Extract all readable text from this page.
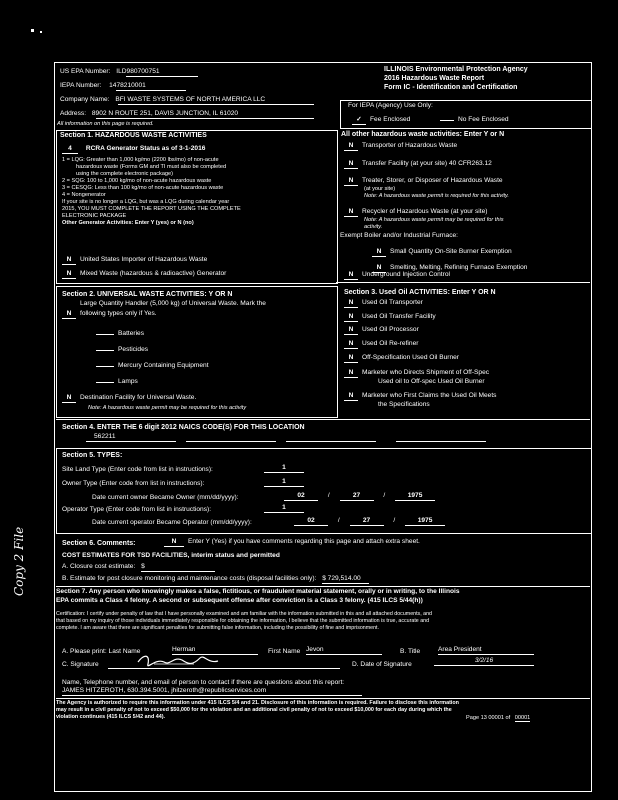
US EPA Number: ILD980700751
IEPA Number: 1478210001
Company Name: BFI WASTE SYSTEMS OF NORTH AMERICA LLC
Address: 8902 N ROUTE 251, DAVIS JUNCTION, IL 61020
All information on this page is required.
ILLINOIS Environmental Protection Agency
2016 Hazardous Waste Report
Form IC - Identification and Certification
For IEPA (Agency) Use Only:
✓ Fee Enclosed	No Fee Enclosed
Section 1. HAZARDOUS WASTE ACTIVITIES
4 RCRA Generator Status as of 3-1-2016
1 = LQG: Greater than 1,000 kg/mo (2200 lbs/mo) of non-acute
hazardous waste (Forms GM and TI must also be completed
using the complete electronic package)
2 = SQG: 100 to 1,000 kg/mo of non-acute hazardous waste
3 = CESQG: Less than 100 kg/mo of non-acute hazardous waste
4 = Nongenerator
If your site is no longer a LQG, but was a LQG during calendar year
2015, YOU MUST COMPLETE THE REPORT USING THE COMPLETE
ELECTRONIC PACKAGE
Other Generator Activities: Enter Y (yes) or N (no)
N United States Importer of Hazardous Waste
N Mixed Waste (hazardous & radioactive) Generator
All other hazardous waste activities: Enter Y or N
N Transporter of Hazardous Waste
N Transfer Facility (at your site) 40 CFR263.12
N Treater, Storer, or Disposer of Hazardous Waste
(at your site)
Note: A hazardous waste permit is required for this activity.
N Recycler of Hazardous Waste (at your site)
Note: A hazardous waste permit may be required for this
activity.
Exempt Boiler and/or Industrial Furnace:
N Small Quantity On-Site Burner Exemption
N Smelting, Melting, Refining Furnace Exemption
N Underground Injection Control
Section 2. UNIVERSAL WASTE ACTIVITIES: Y OR N
Large Quantity Handler (5,000 kg) of Universal Waste. Mark the
N following types only if Yes.
Batteries
Pesticides
Mercury Containing Equipment
Lamps
N Destination Facility for Universal Waste.
Note: A hazardous waste permit may be required for this activity
Section 3. Used Oil ACTIVITIES: Enter Y OR N
N Used Oil Transporter
N Used Oil Transfer Facility
N Used Oil Processor
N Used Oil Re-refiner
N Off-Specification Used Oil Burner
N Marketer who Directs Shipment of Off-Spec
Used oil to Off-spec Used Oil Burner
N Marketer who First Claims the Used Oil Meets
the Specifications
Section 4. ENTER THE 6 digit 2012 NAICS CODE(S) FOR THIS LOCATION
562211
Section 5. TYPES:
Site Land Type (Enter code from list in instructions):	1
Owner Type (Enter code from list in instructions):	1
Date current owner Became Owner (mm/dd/yyyy):	02	/	27	/	1975
Operator Type (Enter code from list in instructions):	1
Date current operator Became Operator (mm/dd/yyyy):	02	/	27	/	1975
Section 6. Comments:	N Enter Y (Yes) if you have comments regarding this page and attach extra sheet.
COST ESTIMATES FOR TSD FACILITIES, interim status and permitted
A. Closure cost estimate: $
B. Estimate for post closure monitoring and maintenance costs (disposal facilities only): $ 729,514.00
Section 7. Any person who knowingly makes a false, fictitious, or fraudulent material statement, orally or in writing, to the Illinois
EPA commits a Class 4 felony. A second or subsequent offense after conviction is a Class 3 felony. (415 ILCS 5/44(h))
Certification: I certify under penalty of law that I have personally examined and am familiar with the information submitted in this and all attached documents, and
that based on my inquiry of those individuals immediately responsible for obtaining the information, I believe that the submitted information is true, accurate and
complete. I am aware that there are significant penalties for submitting false information, including the possibility of fine and imprisonment.
A. Please print: Last Name	Herman	First Name Jevon	B. Title	Area President
C. Signature	D. Date of Signature
3/2/16
Name, Telephone number, and email of person to contact if there are questions about this report:
JAMES HITZEROTH, 630.394.5001, jhitzeroth@republicservices.com
The Agency is authorized to require this information under 415 ILCS 5/4 and 21. Disclosure of this information is required. Failure to disclose this information
may result in a civil penalty of not to exceed $50,000 for the violation and an additional civil penalty of not to exceed $10,000 for each day during which the
violation continues (415 ILCS 5/42 and 44).	Page 13 00001 of 00001
Copy 2 File
